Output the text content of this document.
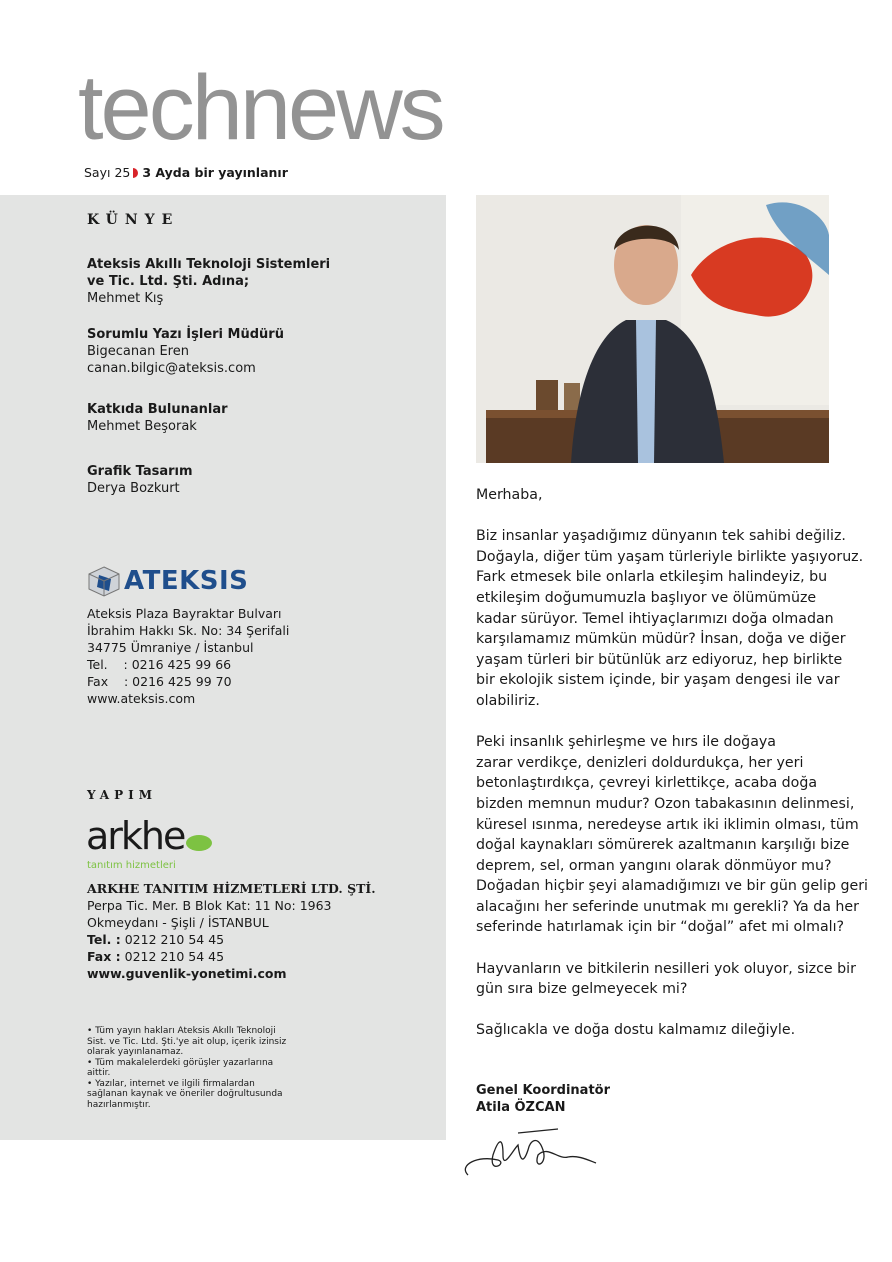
technews
Sayı 25 3 Ayda bir yayınlanır
KÜNYE
Ateksis Akıllı Teknoloji Sistemleri
ve Tic. Ltd. Şti. Adına;
Mehmet Kış
Sorumlu Yazı İşleri Müdürü
Bigecanan Eren
canan.bilgic@ateksis.com
Katkıda Bulunanlar
Mehmet Beşorak
Grafik Tasarım
Derya Bozkurt
ATEKSIS
Ateksis Plaza Bayraktar Bulvarı
İbrahim Hakkı Sk. No: 34 Şerifali
34775 Ümraniye / İstanbul
Tel.    : 0216 425 99 66
Fax    : 0216 425 99 70
www.ateksis.com
YAPIM
arkhe
tanıtım hizmetleri
ARKHE TANITIM HİZMETLERİ LTD. ŞTİ.
Perpa Tic. Mer. B Blok Kat: 11 No: 1963
Okmeydanı - Şişli / İSTANBUL
Tel. : 0212 210 54 45
Fax : 0212 210 54 45
www.guvenlik-yonetimi.com
• Tüm yayın hakları Ateksis Akıllı Teknoloji Sist. ve Tic. Ltd. Şti.'ye ait olup, içerik izinsiz olarak yayınlanamaz.
• Tüm makalelerdeki görüşler yazarlarına aittir.
• Yazılar, internet ve ilgili firmalardan sağlanan kaynak ve öneriler doğrultusunda hazırlanmıştır.

Merhaba,

Biz insanlar yaşadığımız dünyanın tek sahibi değiliz.
Doğayla, diğer tüm yaşam türleriyle birlikte yaşıyoruz.
Fark etmesek bile onlarla etkileşim halindeyiz, bu
etkileşim doğumumuzla başlıyor ve ölümümüze
kadar sürüyor. Temel ihtiyaçlarımızı doğa olmadan
karşılamamız mümkün müdür? İnsan, doğa ve diğer
yaşam türleri bir bütünlük arz ediyoruz, hep birlikte
bir ekolojik sistem içinde, bir yaşam dengesi ile var
olabiliriz.

Peki insanlık şehirleşme ve hırs ile doğaya
zarar verdikçe, denizleri doldurdukça, her yeri
betonlaştırdıkça, çevreyi kirlettikçe, acaba doğa
bizden memnun mudur? Ozon tabakasının delinmesi,
küresel ısınma, neredeyse artık iki iklimin olması, tüm
doğal kaynakları sömürerek azaltmanın karşılığı bize
deprem, sel, orman yangını olarak dönmüyor mu?
Doğadan hiçbir şeyi alamadığımızı ve bir gün gelip geri
alacağını her seferinde unutmak mı gerekli? Ya da her
seferinde hatırlamak için bir “doğal” afet mi olmalı?

Hayvanların ve bitkilerin nesilleri yok oluyor, sizce bir
gün sıra bize gelmeyecek mi?

Sağlıcakla ve doğa dostu kalmamız dileğiyle.

Genel Koordinatör
Atila ÖZCAN
